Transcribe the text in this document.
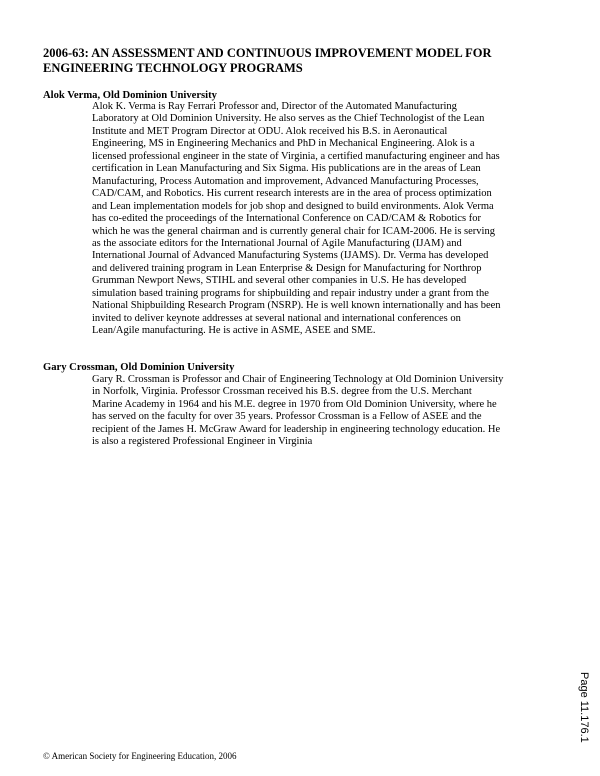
2006-63: AN ASSESSMENT AND CONTINUOUS IMPROVEMENT MODEL FOR
ENGINEERING TECHNOLOGY PROGRAMS
Alok Verma, Old Dominion University
Alok K. Verma is Ray Ferrari Professor and, Director of the Automated Manufacturing
Laboratory at Old Dominion University. He also serves as the Chief Technologist of the Lean
Institute and MET Program Director at ODU. Alok received his B.S. in Aeronautical
Engineering, MS in Engineering Mechanics and PhD in Mechanical Engineering. Alok is a
licensed professional engineer in the state of Virginia, a certified manufacturing engineer and has
certification in Lean Manufacturing and Six Sigma. His publications are in the areas of Lean
Manufacturing, Process Automation and improvement, Advanced Manufacturing Processes,
CAD/CAM, and Robotics. His current research interests are in the area of process optimization
and Lean implementation models for job shop and designed to build environments. Alok Verma
has co-edited the proceedings of the International Conference on CAD/CAM & Robotics for
which he was the general chairman and is currently general chair for ICAM-2006. He is serving
as the associate editors for the International Journal of Agile Manufacturing (IJAM) and
International Journal of Advanced Manufacturing Systems (IJAMS). Dr. Verma has developed
and delivered training program in Lean Enterprise & Design for Manufacturing for Northrop
Grumman Newport News, STIHL and several other companies in U.S. He has developed
simulation based training programs for shipbuilding and repair industry under a grant from the
National Shipbuilding Research Program (NSRP). He is well known internationally and has been
invited to deliver keynote addresses at several national and international conferences on
Lean/Agile manufacturing. He is active in ASME, ASEE and SME.
Gary Crossman, Old Dominion University
Gary R. Crossman is Professor and Chair of Engineering Technology at Old Dominion University
in Norfolk, Virginia. Professor Crossman received his B.S. degree from the U.S. Merchant
Marine Academy in 1964 and his M.E. degree in 1970 from Old Dominion University, where he
has served on the faculty for over 35 years. Professor Crossman is a Fellow of ASEE and the
recipient of the James H. McGraw Award for leadership in engineering technology education. He
is also a registered Professional Engineer in Virginia
Page 11.176.1
© American Society for Engineering Education, 2006
